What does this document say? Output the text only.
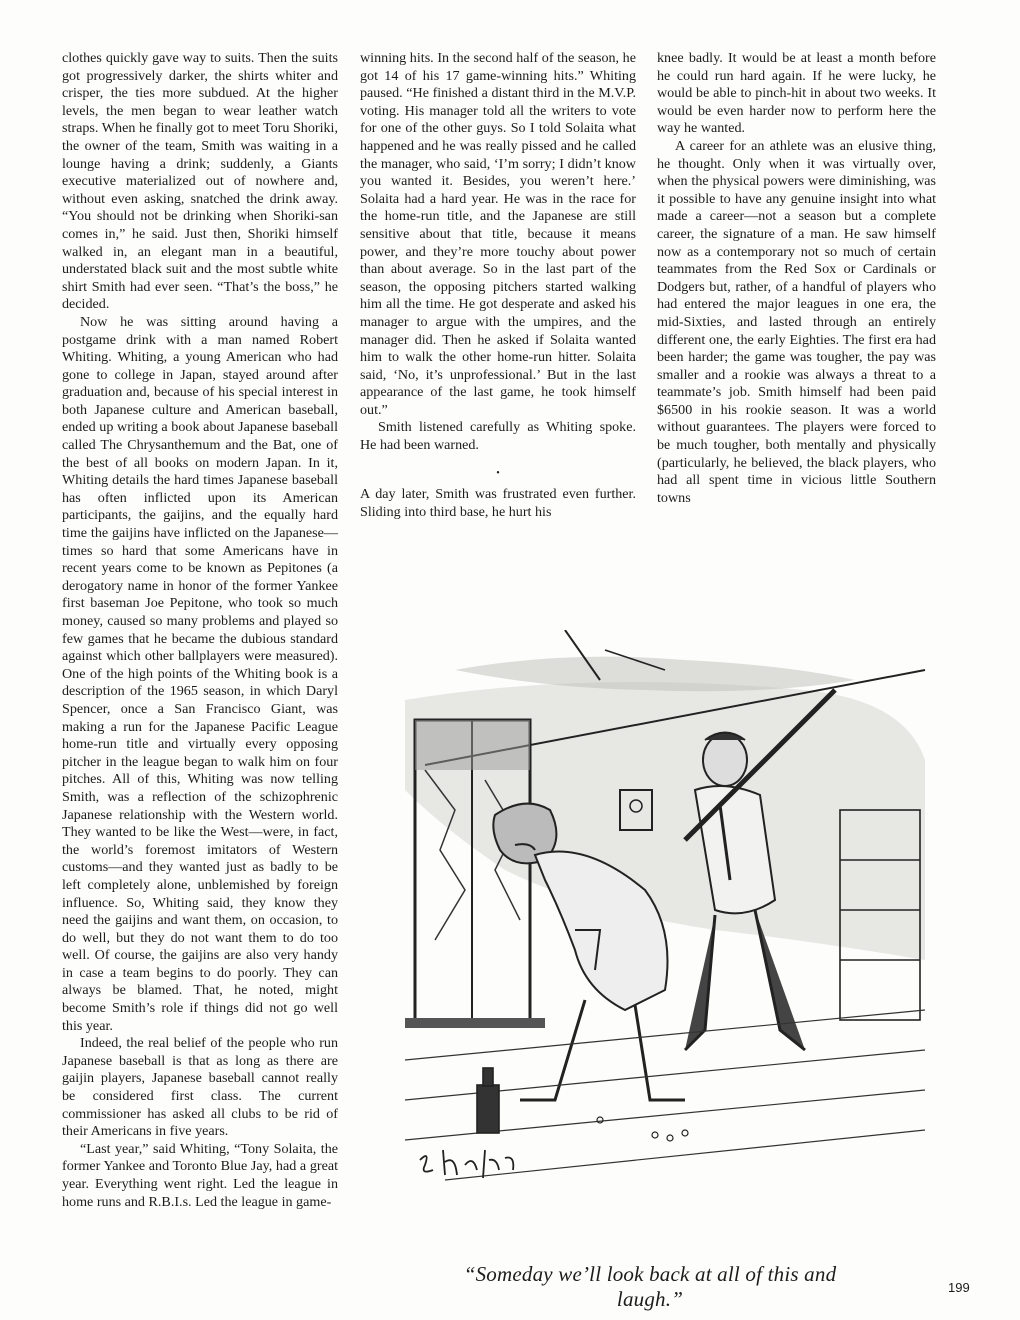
clothes quickly gave way to suits. Then the suits got progressively darker, the shirts whiter and crisper, the ties more subdued. At the higher levels, the men began to wear leather watch straps. When he finally got to meet Toru Shoriki, the owner of the team, Smith was waiting in a lounge having a drink; suddenly, a Giants executive materialized out of nowhere and, without even asking, snatched the drink away. “You should not be drinking when Shoriki-san comes in,” he said. Just then, Shoriki himself walked in, an elegant man in a beautiful, understated black suit and the most subtle white shirt Smith had ever seen. “That’s the boss,” he decided.

Now he was sitting around having a postgame drink with a man named Robert Whiting. Whiting, a young American who had gone to college in Japan, stayed around after graduation and, because of his special interest in both Japanese culture and American baseball, ended up writing a book about Japanese baseball called The Chrysanthemum and the Bat, one of the best of all books on modern Japan. In it, Whiting details the hard times Japanese baseball has often inflicted upon its American participants, the gaijins, and the equally hard time the gaijins have inflicted on the Japanese—times so hard that some Americans have in recent years come to be known as Pepitones (a derogatory name in honor of the former Yankee first baseman Joe Pepitone, who took so much money, caused so many problems and played so few games that he became the dubious standard against which other ballplayers were measured). One of the high points of the Whiting book is a description of the 1965 season, in which Daryl Spencer, once a San Francisco Giant, was making a run for the Japanese Pacific League home-run title and virtually every opposing pitcher in the league began to walk him on four pitches. All of this, Whiting was now telling Smith, was a reflection of the schizophrenic Japanese relationship with the Western world. They wanted to be like the West—were, in fact, the world’s foremost imitators of Western customs—and they wanted just as badly to be left completely alone, unblemished by foreign influence. So, Whiting said, they know they need the gaijins and want them, on occasion, to do well, but they do not want them to do too well. Of course, the gaijins are also very handy in case a team begins to do poorly. They can always be blamed. That, he noted, might become Smith’s role if things did not go well this year.

Indeed, the real belief of the people who run Japanese baseball is that as long as there are gaijin players, Japanese baseball cannot really be considered first class. The current commissioner has asked all clubs to be rid of their Americans in five years.

“Last year,” said Whiting, “Tony Solaita, the former Yankee and Toronto Blue Jay, had a great year. Everything went right. Led the league in home runs and R.B.I.s. Led the league in game-

winning hits. In the second half of the season, he got 14 of his 17 game-winning hits.” Whiting paused. “He finished a distant third in the M.V.P. voting. His manager told all the writers to vote for one of the other guys. So I told Solaita what happened and he was really pissed and he called the manager, who said, ‘I’m sorry; I didn’t know you wanted it. Besides, you weren’t here.’ Solaita had a hard year. He was in the race for the home-run title, and the Japanese are still sensitive about that title, because it means power, and they’re more touchy about power than about average. So in the last part of the season, the opposing pitchers started walking him all the time. He got desperate and asked his manager to argue with the umpires, and the manager did. Then he asked if Solaita wanted him to walk the other home-run hitter. Solaita said, ‘No, it’s unprofessional.’ But in the last appearance of the last game, he took himself out.”

Smith listened carefully as Whiting spoke. He had been warned.

•

A day later, Smith was frustrated even further. Sliding into third base, he hurt his

knee badly. It would be at least a month before he could run hard again. If he were lucky, he would be able to pinch-hit in about two weeks. It would be even harder now to perform here the way he wanted.

A career for an athlete was an elusive thing, he thought. Only when it was virtually over, when the physical powers were diminishing, was it possible to have any genuine insight into what made a career—not a season but a complete career, the signature of a man. He saw himself now as a contemporary not so much of certain teammates from the Red Sox or Cardinals or Dodgers but, rather, of a handful of players who had entered the major leagues in one era, the mid-Sixties, and lasted through an entirely different one, the early Eighties. The first era had been harder; the game was tougher, the pay was smaller and a rookie was always a threat to a teammate’s job. Smith himself had been paid $6500 in his rookie season. It was a world without guarantees. The players were forced to be much tougher, both mentally and physically (particularly, he believed, the black players, who had all spent time in vicious little Southern towns

“Someday we’ll look back at all of this and laugh.”	199
